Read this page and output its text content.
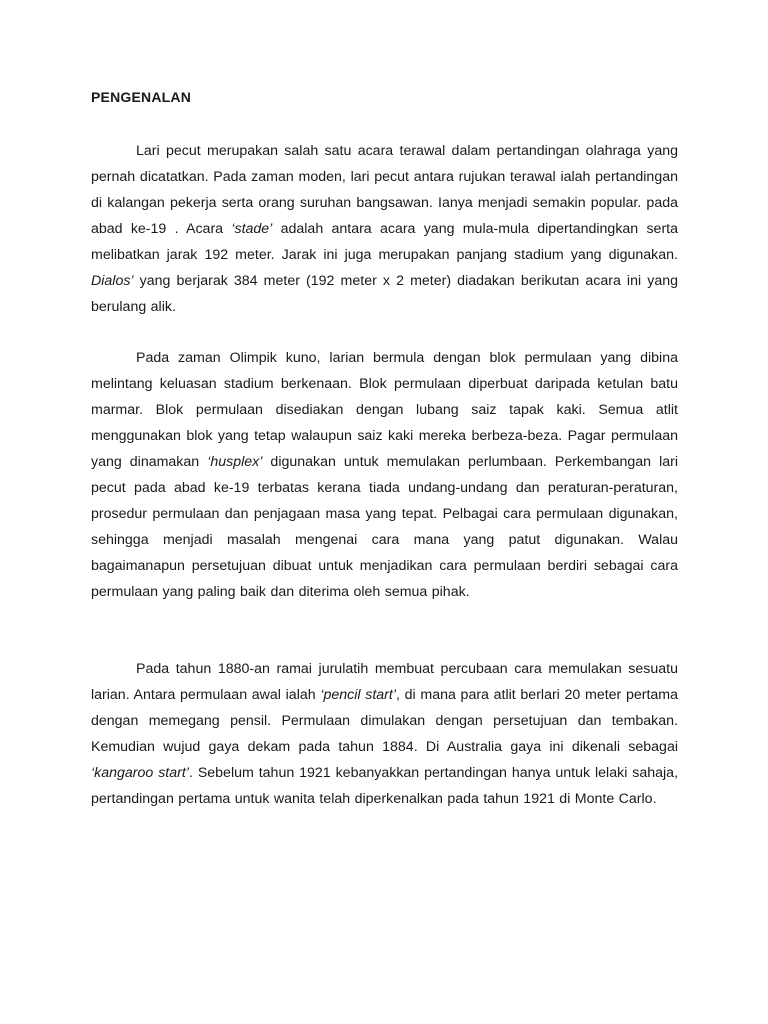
PENGENALAN

Lari pecut merupakan salah satu acara terawal dalam pertandingan olahraga yang pernah dicatatkan. Pada zaman moden, lari pecut antara rujukan terawal ialah pertandingan di kalangan pekerja serta orang suruhan bangsawan. Ianya menjadi semakin popular. pada abad ke-19 . Acara ‘stade’ adalah antara acara yang mula-mula dipertandingkan serta melibatkan jarak 192 meter. Jarak ini juga merupakan panjang stadium yang digunakan. Dialos’ yang berjarak 384 meter (192 meter x 2 meter) diadakan berikutan acara ini yang berulang alik.

Pada zaman Olimpik kuno, larian bermula dengan blok permulaan yang dibina melintang keluasan stadium berkenaan. Blok permulaan diperbuat daripada ketulan batu marmar. Blok permulaan disediakan dengan lubang saiz tapak kaki. Semua atlit menggunakan blok yang tetap walaupun saiz kaki mereka berbeza-beza. Pagar permulaan yang dinamakan ‘husplex’ digunakan untuk memulakan perlumbaan. Perkembangan lari pecut pada abad ke-19 terbatas kerana tiada undang-undang dan peraturan-peraturan, prosedur permulaan dan penjagaan masa yang tepat. Pelbagai cara permulaan digunakan, sehingga menjadi masalah mengenai cara mana yang patut digunakan. Walau bagaimanapun persetujuan dibuat untuk menjadikan cara permulaan berdiri sebagai cara permulaan yang paling baik dan diterima oleh semua pihak.

Pada tahun 1880-an ramai jurulatih membuat percubaan cara memulakan sesuatu larian. Antara permulaan awal ialah ‘pencil start’, di mana para atlit berlari 20 meter pertama dengan memegang pensil. Permulaan dimulakan dengan persetujuan dan tembakan. Kemudian wujud gaya dekam pada tahun 1884. Di Australia gaya ini dikenali sebagai ‘kangaroo start’. Sebelum tahun 1921 kebanyakkan pertandingan hanya untuk lelaki sahaja, pertandingan pertama untuk wanita telah diperkenalkan pada tahun 1921 di Monte Carlo.
